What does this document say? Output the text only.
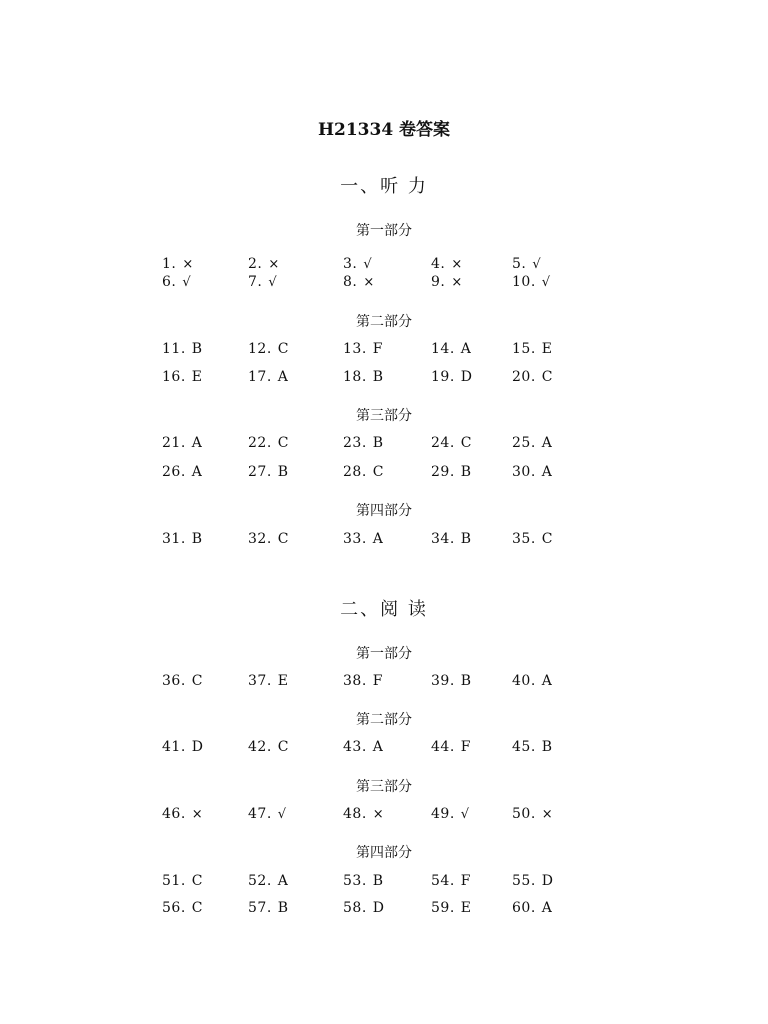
H21334 卷答案
一、听 力
第一部分
1. ×	2. ×	3. √	4. ×	5. √
6. √	7. √	8. ×	9. ×	10. √
第二部分
11. B	12. C	13. F	14. A	15. E
16. E	17. A	18. B	19. D	20. C
第三部分
21. A	22. C	23. B	24. C	25. A
26. A	27. B	28. C	29. B	30. A
第四部分
31. B	32. C	33. A	34. B	35. C
二、阅 读
第一部分
36. C	37. E	38. F	39. B	40. A
第二部分
41. D	42. C	43. A	44. F	45. B
第三部分
46. ×	47. √	48. ×	49. √	50. ×
第四部分
51. C	52. A	53. B	54. F	55. D
56. C	57. B	58. D	59. E	60. A
